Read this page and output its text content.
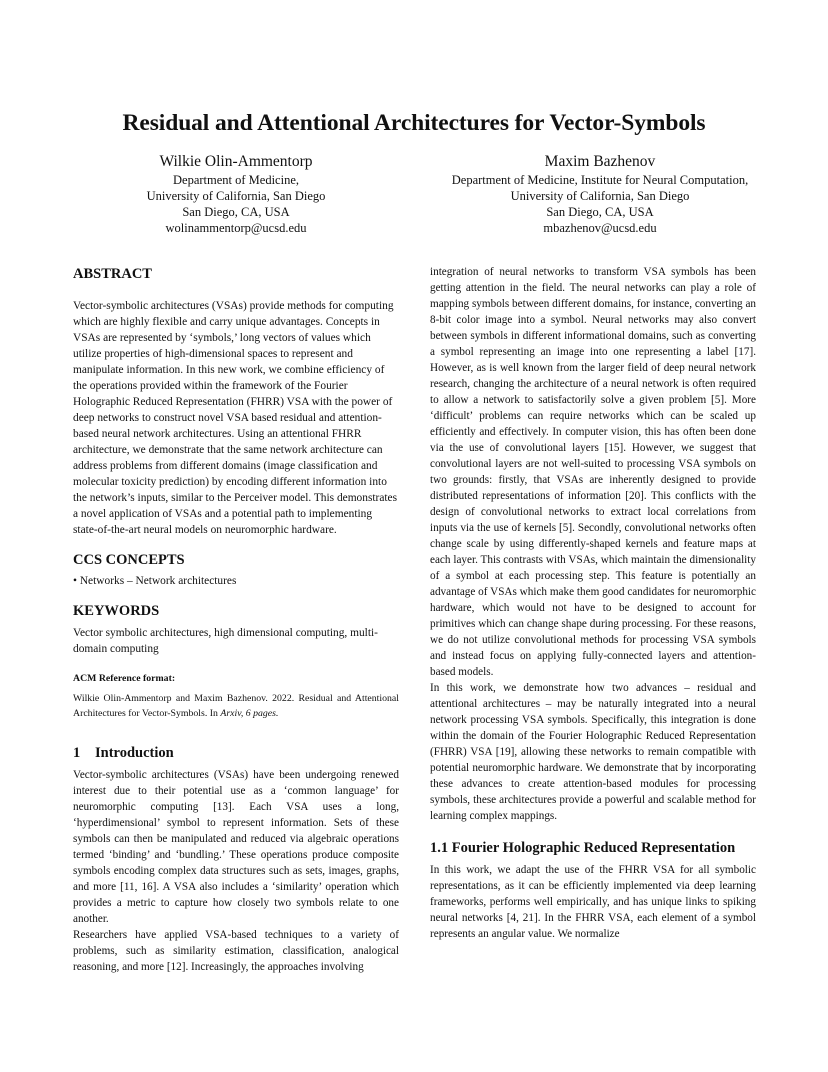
Residual and Attentional Architectures for Vector-Symbols
Wilkie Olin-Ammentorp
Department of Medicine,
University of California, San Diego
San Diego, CA, USA
wolinammentorp@ucsd.edu
Maxim Bazhenov
Department of Medicine, Institute for Neural Computation,
University of California, San Diego
San Diego, CA, USA
mbazhenov@ucsd.edu
ABSTRACT

Vector-symbolic architectures (VSAs) provide methods for computing which are highly flexible and carry unique advantages. Concepts in VSAs are represented by ‘symbols,’ long vectors of values which utilize properties of high-dimensional spaces to represent and manipulate information. In this new work, we combine efficiency of the operations provided within the framework of the Fourier Holographic Reduced Representation (FHRR) VSA with the power of deep networks to construct novel VSA based residual and attention-based neural network architectures. Using an attentional FHRR architecture, we demonstrate that the same network architecture can address problems from different domains (image classification and molecular toxicity prediction) by encoding different information into the network’s inputs, similar to the Perceiver model. This demonstrates a novel application of VSAs and a potential path to implementing state-of-the-art neural models on neuromorphic hardware.

CCS CONCEPTS

• Networks – Network architectures

KEYWORDS

Vector symbolic architectures, high dimensional computing, multi-domain computing

ACM Reference format:

Wilkie Olin-Ammentorp and Maxim Bazhenov. 2022. Residual and Attentional Architectures for Vector-Symbols. In Arxiv, 6 pages.

1 Introduction

Vector-symbolic architectures (VSAs) have been undergoing renewed interest due to their potential use as a ‘common language’ for neuromorphic computing [13]. Each VSA uses a long, ‘hyperdimensional’ symbol to represent information. Sets of these symbols can then be manipulated and reduced via algebraic operations termed ‘binding’ and ‘bundling.’ These operations produce composite symbols encoding complex data structures such as sets, images, graphs, and more [11, 16]. A VSA also includes a ‘similarity’ operation which provides a metric to capture how closely two symbols relate to one another.

Researchers have applied VSA-based techniques to a variety of problems, such as similarity estimation, classification, analogical reasoning, and more [12]. Increasingly, the approaches involving

integration of neural networks to transform VSA symbols has been getting attention in the field. The neural networks can play a role of mapping symbols between different domains, for instance, converting an 8-bit color image into a symbol. Neural networks may also convert between symbols in different informational domains, such as converting a symbol representing an image into one representing a label [17]. However, as is well known from the larger field of deep neural network research, changing the architecture of a neural network is often required to allow a network to satisfactorily solve a given problem [5]. More ‘difficult’ problems can require networks which can be scaled up efficiently and effectively. In computer vision, this has often been done via the use of convolutional layers [15]. However, we suggest that convolutional layers are not well-suited to processing VSA symbols on two grounds: firstly, that VSAs are inherently designed to provide distributed representations of information [20]. This conflicts with the design of convolutional networks to extract local correlations from inputs via the use of kernels [5]. Secondly, convolutional networks often change scale by using differently-shaped kernels and feature maps at each layer. This contrasts with VSAs, which maintain the dimensionality of a symbol at each processing step. This feature is potentially an advantage of VSAs which make them good candidates for neuromorphic hardware, which would not have to be designed to account for primitives which can change shape during processing. For these reasons, we do not utilize convolutional methods for processing VSA symbols and instead focus on applying fully-connected layers and attention-based models.

In this work, we demonstrate how two advances – residual and attentional architectures – may be naturally integrated into a neural network processing VSA symbols. Specifically, this integration is done within the domain of the Fourier Holographic Reduced Representation (FHRR) VSA [19], allowing these networks to remain compatible with potential neuromorphic hardware. We demonstrate that by incorporating these advances to create attention-based modules for processing symbols, these architectures provide a powerful and scalable method for learning complex mappings.

1.1 Fourier Holographic Reduced Representation

In this work, we adapt the use of the FHRR VSA for all symbolic representations, as it can be efficiently implemented via deep learning frameworks, performs well empirically, and has unique links to spiking neural networks [4, 21]. In the FHRR VSA, each element of a symbol represents an angular value. We normalize
